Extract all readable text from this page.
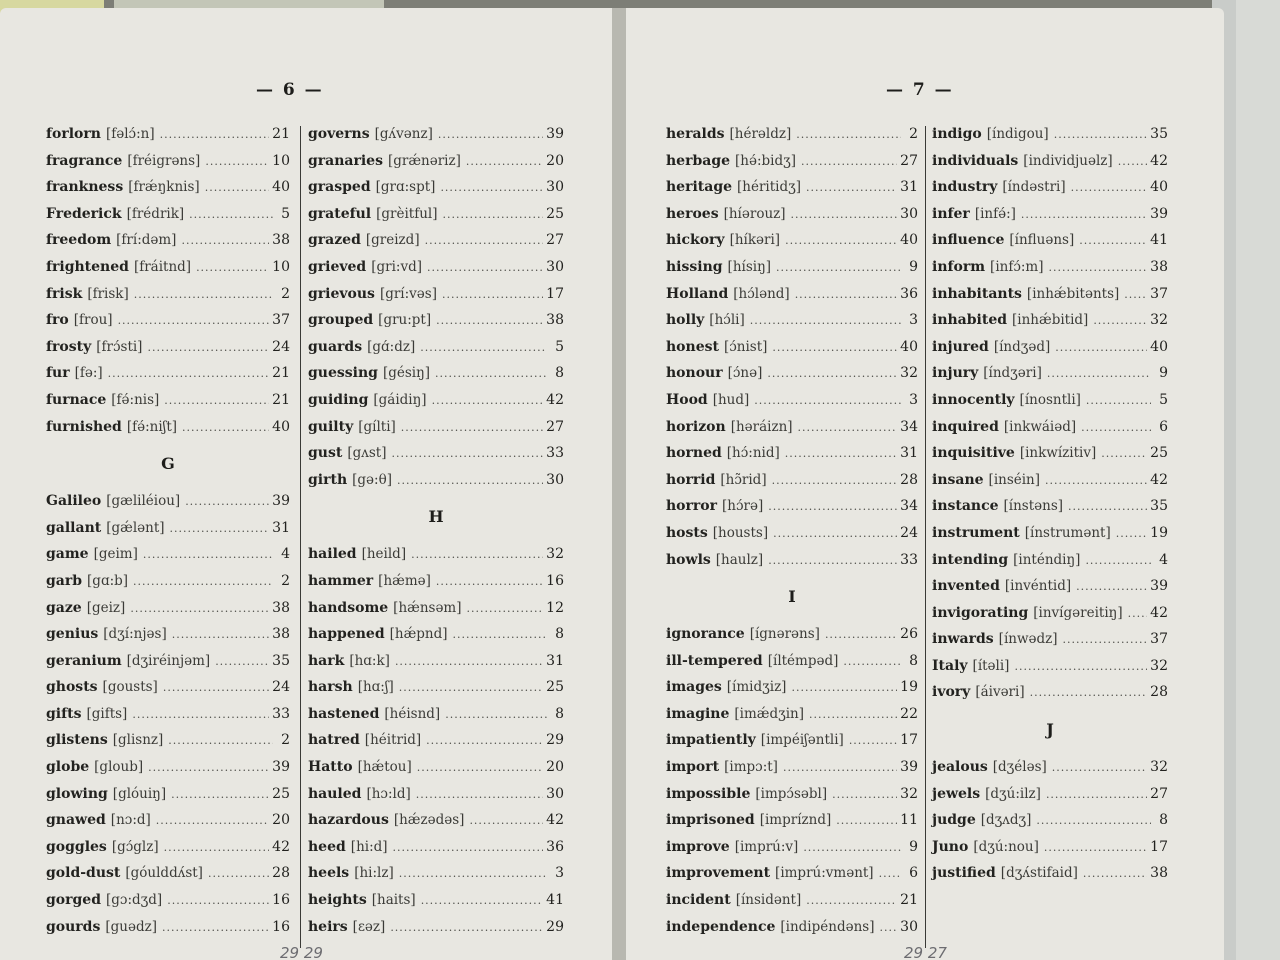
— 6 —
forlorn [fəlɔ́:n] .....	21
fragrance [fréigrəns] .....	10
frankness [frǽŋknis] .....	40
Frederick [frédrik] .....	5
freedom [frí:dəm] .....	38
frightened [fráitnd] .....	10
frisk [frisk] .....	2
fro [frou] .....	37
frosty [frɔ́sti] .....	24
fur [fə:] .....	21
furnace [fə́:nis] .....	21
furnished [fə́:niʃt] .....	40
G
Galileo [gæliléiou] .....	39
gallant [gǽlənt] .....	31
game [geim] .....	4
garb [gɑ:b] .....	2
gaze [geiz] .....	38
genius [dʒí:njəs] .....	38
geranium [dʒiréinjəm] .....	35
ghosts [gousts] .....	24
gifts [gifts] .....	33
glistens [glisnz] .....	2
globe [gloub] .....	39
glowing [glóuiŋ] .....	25
gnawed [nɔ:d] .....	20
goggles [gɔ́glz] .....	42
gold-dust [góulddʌ́st] .....	28
gorged [gɔ:dʒd] .....	16
gourds [guədz] .....	16
governs [gʌ́vənz] .....	39
granaries [grǽnəriz] .....	20
grasped [grɑ:spt] .....	30
grateful [grèitful] .....	25
grazed [greizd] .....	27
grieved [gri:vd] .....	30
grievous [grí:vəs] .....	17
grouped [gru:pt] .....	38
guards [gɑ́:dz] .....	5
guessing [gésiŋ] .....	8
guiding [gáidiŋ] .....	42
guilty [gílti] .....	27
gust [gʌst] .....	33
girth [gə:θ] .....	30
H
hailed [heild] .....	32
hammer [hǽmə] .....	16
handsome [hǽnsəm] .....	12
happened [hǽpnd] .....	8
hark [hɑ:k] .....	31
harsh [hɑ:ʃ] .....	25
hastened [héisnd] .....	8
hatred [héitrid] .....	29
Hatto [hǽtou] .....	20
hauled [hɔ:ld] .....	30
hazardous [hǽzədəs] .....	42
heed [hi:d] .....	36
heels [hi:lz] .....	3
heights [haits] .....	41
heirs [ɛəz] .....	29
29 29
— 7 —
heralds [hérəldz] .....	2
herbage [hə́:bidʒ] .....	27
heritage [héritidʒ] .....	31
heroes [híərouz] .....	30
hickory [híkəri] .....	40
hissing [hísiŋ] .....	9
Holland [hɔ́lənd] .....	36
holly [hɔ́li] .....	3
honest [ɔ́nist] .....	40
honour [ɔ́nə] .....	32
Hood [hud] .....	3
horizon [həráizn] .....	34
horned [hɔ́:nid] .....	31
horrid [hɔ̃rid] .....	28
horror [hɔ́rə] .....	34
hosts [housts] .....	24
howls [haulz] .....	33
I
ignorance [ígnərəns] .....	26
ill-tempered [íltémpəd] .....	8
images [ímidʒiz] .....	19
imagine [imǽdʒin] .....	22
impatiently [impéiʃəntli] .....	17
import [impɔ:t] .....	39
impossible [impɔ́səbl] .....	32
imprisoned [impríznd] .....	11
improve [imprú:v] .....	9
improvement [imprú:vmənt] .....	6
incident [ínsidənt] .....	21
independence [indipéndəns] ..... 30
indigo [índigou] .....	35
individuals [individjuəlz] .....	42
industry [índəstri] .....	40
infer [infə́:] .....	39
influence [ínfluəns] .....	41
inform [infɔ́:m] .....	38
inhabitants [inhǽbitənts] ..... 37
inhabited [inhǽbitid] .....	32
injured [índʒəd] .....	40
injury [índʒəri] .....	9
innocently [ínosntli] .....	5
inquired [inkwáiəd] .....	6
inquisitive [inkwízitiv] .....	25
insane [inséin] .....	42
instance [ínstəns] .....	35
instrument [ínstrumənt] .....	19
intending [inténdiŋ] .....	4
invented [invéntid] .....	39
invigorating [invígəreitiŋ] ..... 42
inwards [ínwədz] .....	37
Italy [ítəli] .....	32
ivory [áivəri] .....	28
J
jealous [dʒéləs] .....	32
jewels [dʒú:ilz] .....	27
judge [dʒʌdʒ] .....	8
Juno [dʒú:nou] .....	17
justified [dʒʌ́stifaid] .....	38
29 27
